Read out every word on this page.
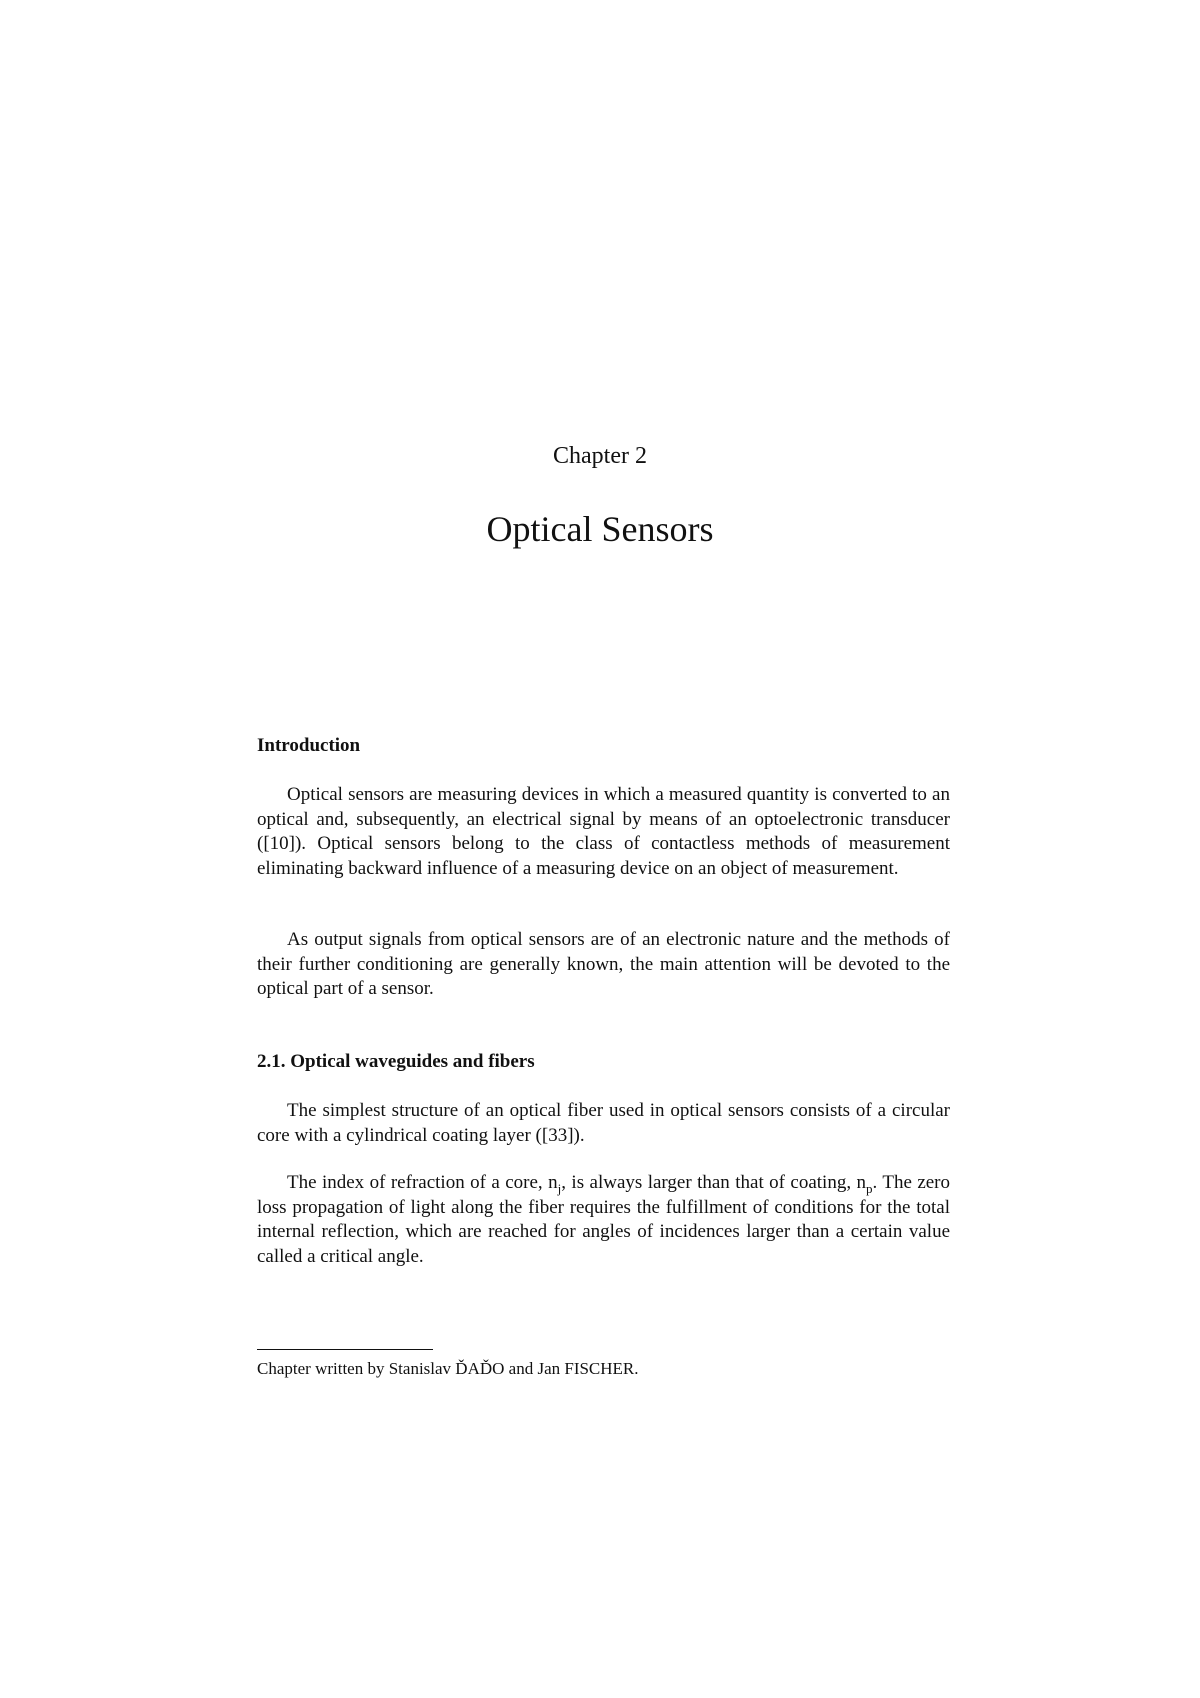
Chapter 2
Optical Sensors
Introduction

Optical sensors are measuring devices in which a measured quantity is converted to an optical and, subsequently, an electrical signal by means of an optoelectronic transducer ([10]). Optical sensors belong to the class of contactless methods of measurement eliminating backward influence of a measuring device on an object of measurement.

As output signals from optical sensors are of an electronic nature and the methods of their further conditioning are generally known, the main attention will be devoted to the optical part of a sensor.

2.1. Optical waveguides and fibers

The simplest structure of an optical fiber used in optical sensors consists of a circular core with a cylindrical coating layer ([33]).

The index of refraction of a core, $n_j$, is always larger than that of coating, $n_p$. The zero loss propagation of light along the fiber requires the fulfillment of conditions for the total internal reflection, which are reached for angles of incidences larger than a certain value called a critical angle.

Chapter written by Stanislav ĎAĎO and Jan FISCHER.
